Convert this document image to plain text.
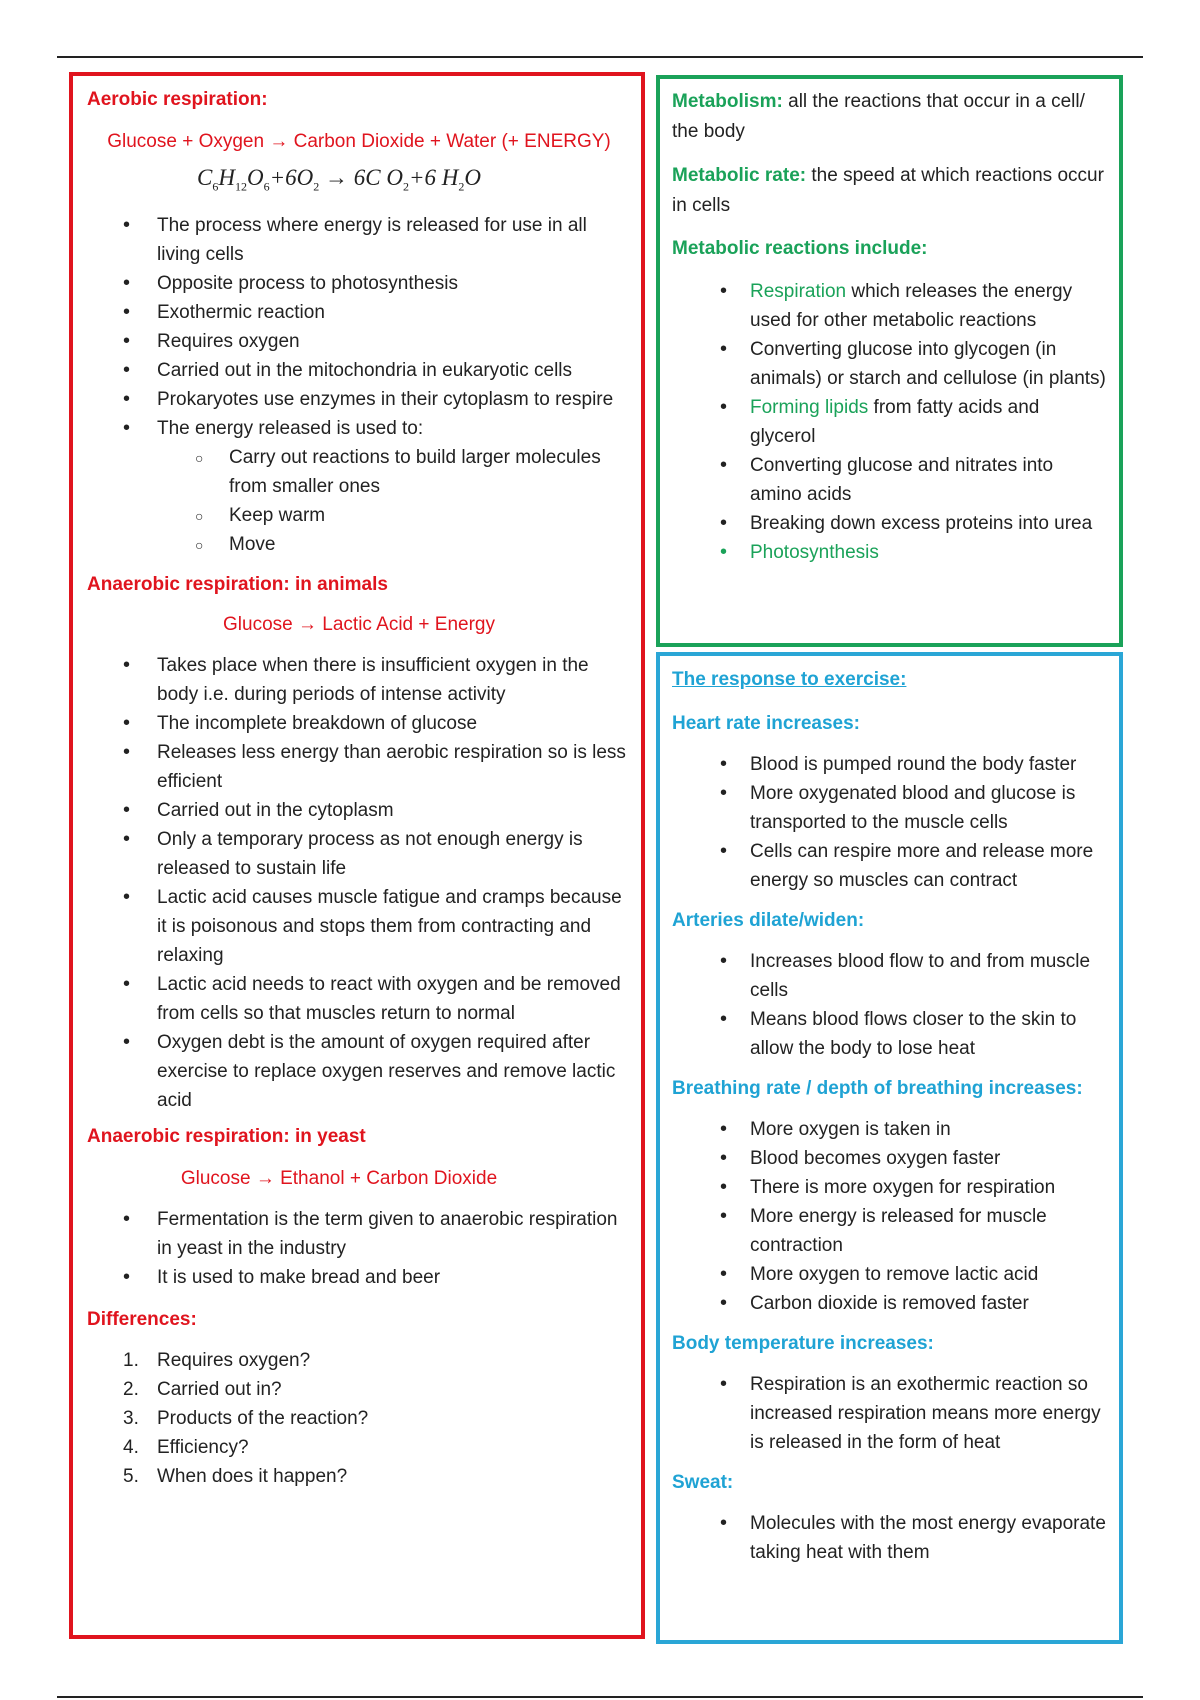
Aerobic respiration:
Glucose + Oxygen → Carbon Dioxide + Water (+ ENERGY)
$C_6H_{12}O_6+6O_2 \to 6C$ $O_2+6$ $H_2O$
• The process where energy is released for use in all living cells
• Opposite process to photosynthesis
• Exothermic reaction
• Requires oxygen
• Carried out in the mitochondria in eukaryotic cells
• Prokaryotes use enzymes in their cytoplasm to respire
• The energy released is used to:
○ Carry out reactions to build larger molecules from smaller ones
○ Keep warm
○ Move
Anaerobic respiration: in animals
Glucose → Lactic Acid + Energy
• Takes place when there is insufficient oxygen in the body i.e. during periods of intense activity
• The incomplete breakdown of glucose
• Releases less energy than aerobic respiration so is less efficient
• Carried out in the cytoplasm
• Only a temporary process as not enough energy is released to sustain life
• Lactic acid causes muscle fatigue and cramps because it is poisonous and stops them from contracting and relaxing
• Lactic acid needs to react with oxygen and be removed from cells so that muscles return to normal
• Oxygen debt is the amount of oxygen required after exercise to replace oxygen reserves and remove lactic acid
Anaerobic respiration: in yeast
Glucose → Ethanol + Carbon Dioxide
• Fermentation is the term given to anaerobic respiration in yeast in the industry
• It is used to make bread and beer
Differences:
1. Requires oxygen?
2. Carried out in?
3. Products of the reaction?
4. Efficiency?
5. When does it happen?

Metabolism: all the reactions that occur in a cell/ the body

Metabolic rate: the speed at which reactions occur in cells

Metabolic reactions include:
• Respiration which releases the energy used for other metabolic reactions
• Converting glucose into glycogen (in animals) or starch and cellulose (in plants)
• Forming lipids from fatty acids and glycerol
• Converting glucose and nitrates into amino acids
• Breaking down excess proteins into urea
• Photosynthesis
The response to exercise:
Heart rate increases:
• Blood is pumped round the body faster
• More oxygenated blood and glucose is transported to the muscle cells
• Cells can respire more and release more energy so muscles can contract
Arteries dilate/widen:
• Increases blood flow to and from muscle cells
• Means blood flows closer to the skin to allow the body to lose heat
Breathing rate / depth of breathing increases:
• More oxygen is taken in
• Blood becomes oxygen faster
• There is more oxygen for respiration
• More energy is released for muscle contraction
• More oxygen to remove lactic acid
• Carbon dioxide is removed faster
Body temperature increases:
• Respiration is an exothermic reaction so increased respiration means more energy is released in the form of heat
Sweat:
• Molecules with the most energy evaporate taking heat with them
